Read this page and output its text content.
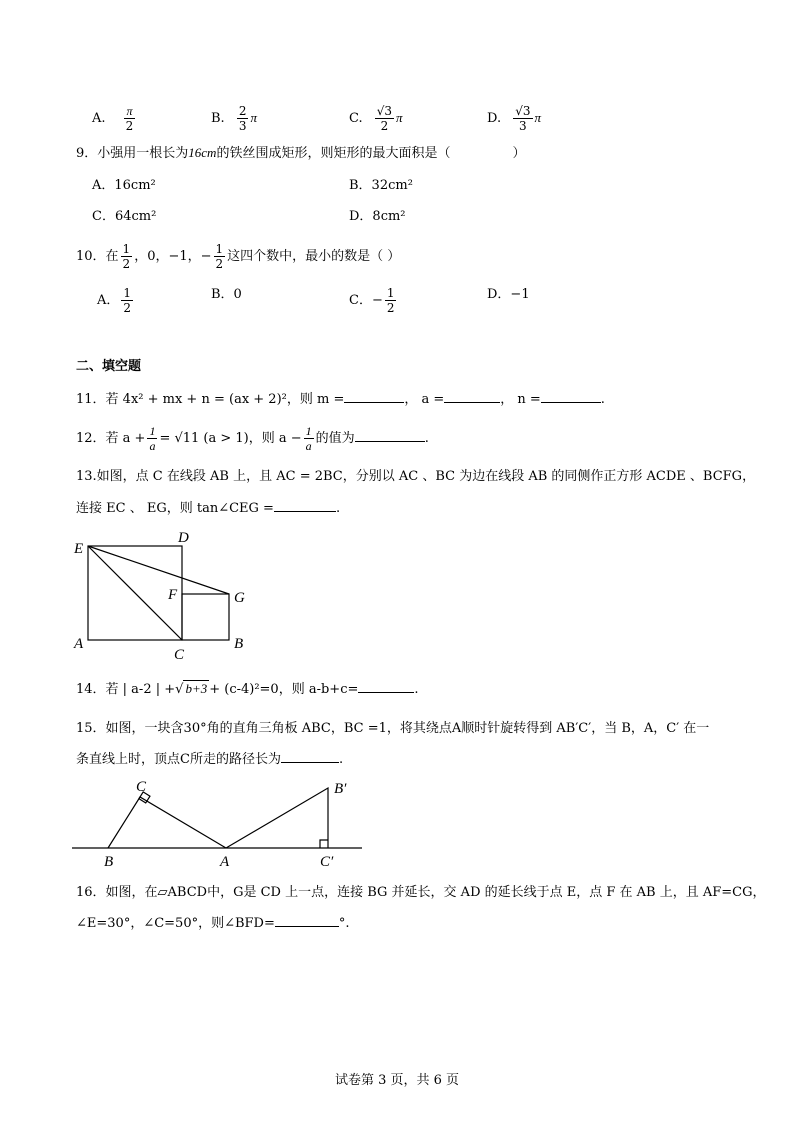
A. $\frac{\pi}{2}$	B. $\frac{2}{3}$ π	C. $\frac{√3}{2}$ π	D. $\frac{√3}{3}$ π
9．小强用一根长为16cm的铁丝围成矩形，则矩形的最大面积是（	）
A．16cm²	B．32cm²
C．64cm²	D．8cm²
10．在 $\frac{1}{2}$ ，0，−1，− $\frac{1}{2}$ 这四个数中，最小的数是（ ）
A． $\frac{1}{2}$	B．0	C．− $\frac{1}{2}$	D．−1
二、填空题
11．若 4x² + mx + n = (ax + 2)²，则 m =	， a =	， n =	.
12．若 $a + \frac{1}{a} = √11$ (a > 1)，则 $a - \frac{1}{a}$ 的值为	.
13.如图，点 C 在线段 AB 上，且 AC = 2BC，分别以 AC 、BC 为边在线段 AB 的同侧作正方形 ACDE 、BCFG，
连接 EC 、 EG，则 tan∠CEG =	.
E
D
F	G
A
C
B
14．若 | a-2 | +√ b+3 + (c-4)²=0，则 a-b+c=	.
15．如图，一块含30°角的直角三角板 ABC，BC =1，将其绕点A顺时针旋转得到 AB′C′，当 B，A，C′ 在一
条直线上时，顶点C所走的路径长为	.
C
B	A
B′
C′
16．如图，在▱ABCD中，G是 CD 上一点，连接 BG 并延长，交 AD 的延长线于点 E，点 F 在 AB 上，且 AF=CG，
∠E=30°，∠C=50°，则∠BFD=	°.
试卷第 3 页，共 6 页
